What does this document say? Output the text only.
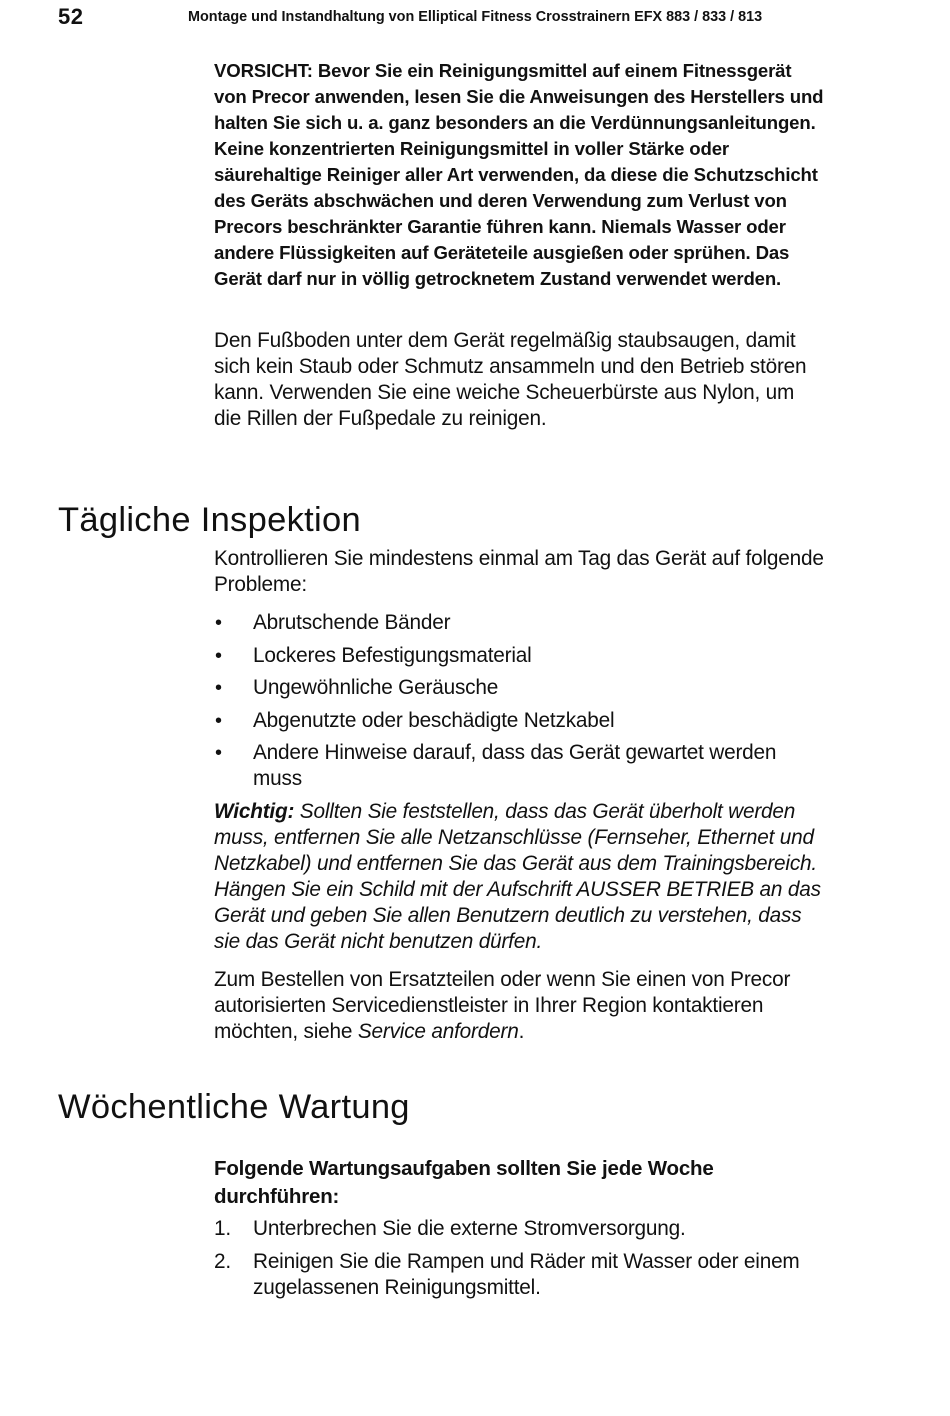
52	Montage und Instandhaltung von Elliptical Fitness Crosstrainern EFX 883 / 833 / 813

VORSICHT: Bevor Sie ein Reinigungsmittel auf einem Fitnessgerät von Precor anwenden, lesen Sie die Anweisungen des Herstellers und halten Sie sich u. a. ganz besonders an die Verdünnungsanleitungen. Keine konzentrierten Reinigungsmittel in voller Stärke oder säurehaltige Reiniger aller Art verwenden, da diese die Schutzschicht des Geräts abschwächen und deren Verwendung zum Verlust von Precors beschränkter Garantie führen kann. Niemals Wasser oder andere Flüssigkeiten auf Geräteteile ausgießen oder sprühen. Das Gerät darf nur in völlig getrocknetem Zustand verwendet werden.

Den Fußboden unter dem Gerät regelmäßig staubsaugen, damit sich kein Staub oder Schmutz ansammeln und den Betrieb stören kann. Verwenden Sie eine weiche Scheuerbürste aus Nylon, um die Rillen der Fußpedale zu reinigen.

Tägliche Inspektion

Kontrollieren Sie mindestens einmal am Tag das Gerät auf folgende Probleme:

• Abrutschende Bänder
• Lockeres Befestigungsmaterial
• Ungewöhnliche Geräusche
• Abgenutzte oder beschädigte Netzkabel
• Andere Hinweise darauf, dass das Gerät gewartet werden muss

Wichtig: Sollten Sie feststellen, dass das Gerät überholt werden muss, entfernen Sie alle Netzanschlüsse (Fernseher, Ethernet und Netzkabel) und entfernen Sie das Gerät aus dem Trainingsbereich. Hängen Sie ein Schild mit der Aufschrift AUSSER BETRIEB an das Gerät und geben Sie allen Benutzern deutlich zu verstehen, dass sie das Gerät nicht benutzen dürfen.

Zum Bestellen von Ersatzteilen oder wenn Sie einen von Precor autorisierten Servicedienstleister in Ihrer Region kontaktieren möchten, siehe Service anfordern.

Wöchentliche Wartung

Folgende Wartungsaufgaben sollten Sie jede Woche durchführen:

1. Unterbrechen Sie die externe Stromversorgung.
2. Reinigen Sie die Rampen und Räder mit Wasser oder einem zugelassenen Reinigungsmittel.
